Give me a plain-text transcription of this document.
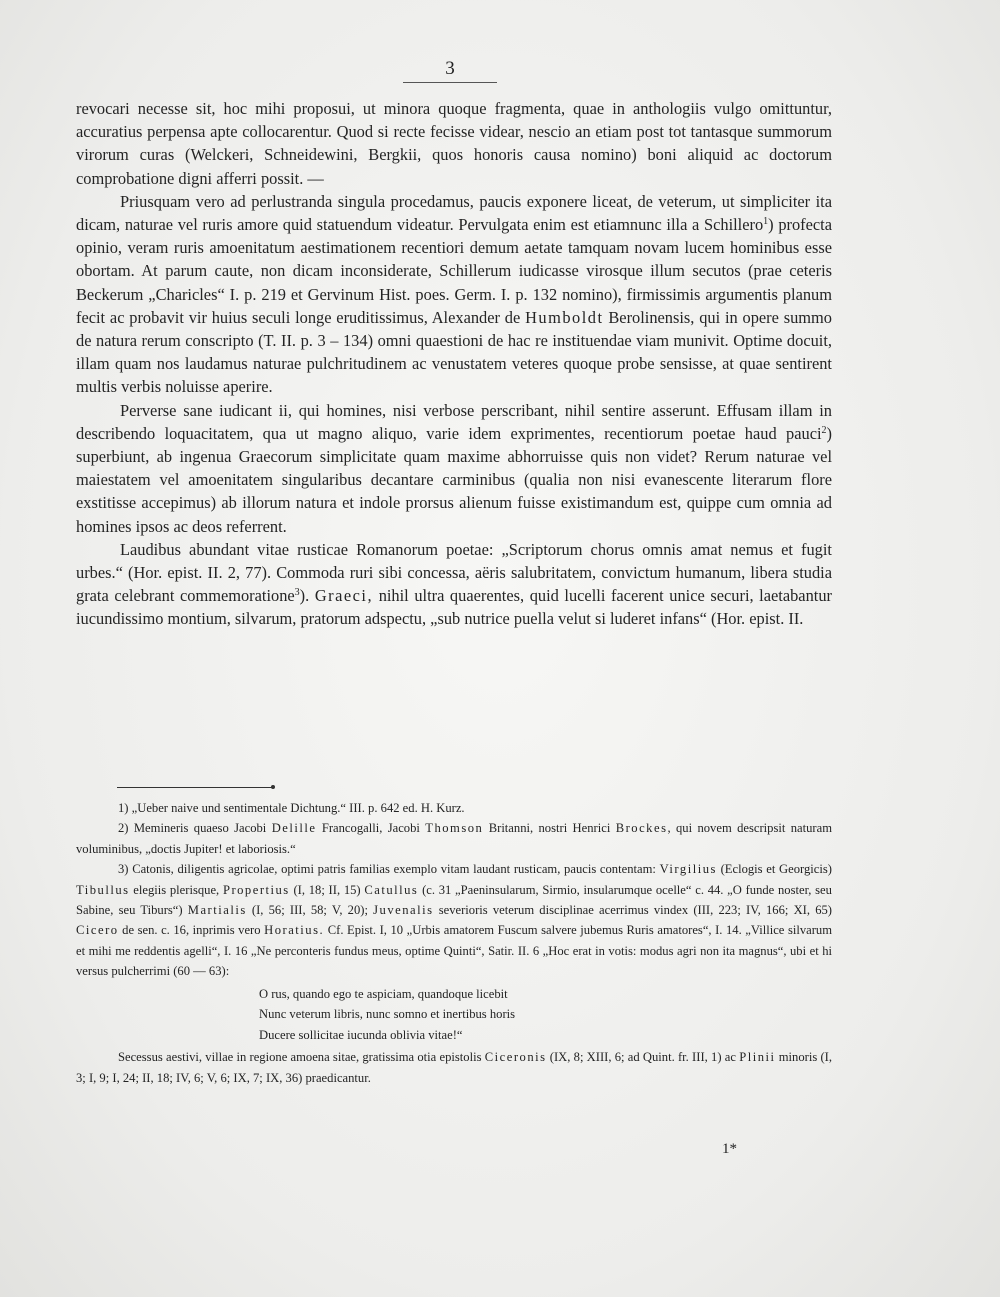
3

revocari necesse sit, hoc mihi proposui, ut minora quoque fragmenta, quae in anthologiis vulgo omittuntur, accuratius perpensa apte collocarentur. Quod si recte fecisse videar, nescio an etiam post tot tantasque summorum virorum curas (Welckeri, Schneidewini, Bergkii, quos honoris causa nomino) boni aliquid ac doctorum comprobatione digni afferri possit. —

Priusquam vero ad perlustranda singula procedamus, paucis exponere liceat, de veterum, ut simpliciter ita dicam, naturae vel ruris amore quid statuendum videatur. Pervulgata enim est etiamnunc illa a Schillero$^1$) profecta opinio, veram ruris amoenitatum aestimationem recentiori demum aetate tamquam novam lucem hominibus esse obortam. At parum caute, non dicam inconsiderate, Schillerum iudicasse virosque illum secutos (prae ceteris Beckerum „Charicles“ I. p. 219 et Gervinum Hist. poes. Germ. I. p. 132 nomino), firmissimis argumentis planum fecit ac probavit vir huius seculi longe eruditissimus, Alexander de Humboldt Berolinensis, qui in opere summo de natura rerum conscripto (T. II. p. 3 – 134) omni quaestioni de hac re instituendae viam munivit. Optime docuit, illam quam nos laudamus naturae pulchritudinem ac venustatem veteres quoque probe sensisse, at quae sentirent multis verbis noluisse aperire.

Perverse sane iudicant ii, qui homines, nisi verbose perscribant, nihil sentire asserunt. Effusam illam in describendo loquacitatem, qua ut magno aliquo, varie idem exprimentes, recentiorum poetae haud pauci$^2$) superbiunt, ab ingenua Graecorum simplicitate quam maxime abhorruisse quis non videt? Rerum naturae vel maiestatem vel amoenitatem singularibus decantare carminibus (qualia non nisi evanescente literarum flore exstitisse accepimus) ab illorum natura et indole prorsus alienum fuisse existimandum est, quippe cum omnia ad homines ipsos ac deos referrent.

Laudibus abundant vitae rusticae Romanorum poetae: „Scriptorum chorus omnis amat nemus et fugit urbes.“ (Hor. epist. II. 2, 77). Commoda ruri sibi concessa, aëris salubritatem, convictum humanum, libera studia grata celebrant commemoratione$^3$). Graeci, nihil ultra quaerentes, quid lucelli facerent unice securi, laetabantur iucundissimo montium, silvarum, pratorum adspectu, „sub nutrice puella velut si luderet infans“ (Hor. epist. II.

1) „Ueber naive und sentimentale Dichtung.“ III. p. 642 ed. H. Kurz.

2) Memineris quaeso Jacobi Delille Francogalli, Jacobi Thomson Britanni, nostri Henrici Brockes, qui novem descripsit naturam voluminibus, „doctis Jupiter! et laboriosis.“

3) Catonis, diligentis agricolae, optimi patris familias exemplo vitam laudant rusticam, paucis contentam: Virgilius (Eclogis et Georgicis) Tibullus elegiis plerisque, Propertius (I, 18; II, 15) Catullus (c. 31 „Paeninsularum, Sirmio, insularumque ocelle“ c. 44. „O funde noster, seu Sabine, seu Tiburs“) Martialis (I, 56; III, 58; V, 20); Juvenalis severioris veterum disciplinae acerrimus vindex (III, 223; IV, 166; XI, 65) Cicero de sen. c. 16, inprimis vero Horatius. Cf. Epist. I, 10 „Urbis amatorem Fuscum salvere jubemus Ruris amatores“, I. 14. „Villice silvarum et mihi me reddentis agelli“, I. 16 „Ne perconteris fundus meus, optime Quinti“, Satir. II. 6 „Hoc erat in votis: modus agri non ita magnus“, ubi et hi versus pulcherrimi (60 — 63):

O rus, quando ego te aspiciam, quandoque licebit

Nunc veterum libris, nunc somno et inertibus horis

Ducere sollicitae iucunda oblivia vitae!“

Secessus aestivi, villae in regione amoena sitae, gratissima otia epistolis Ciceronis (IX, 8; XIII, 6; ad Quint. fr. III, 1) ac Plinii minoris (I, 3; I, 9; I, 24; II, 18; IV, 6; V, 6; IX, 7; IX, 36) praedicantur.

1*
